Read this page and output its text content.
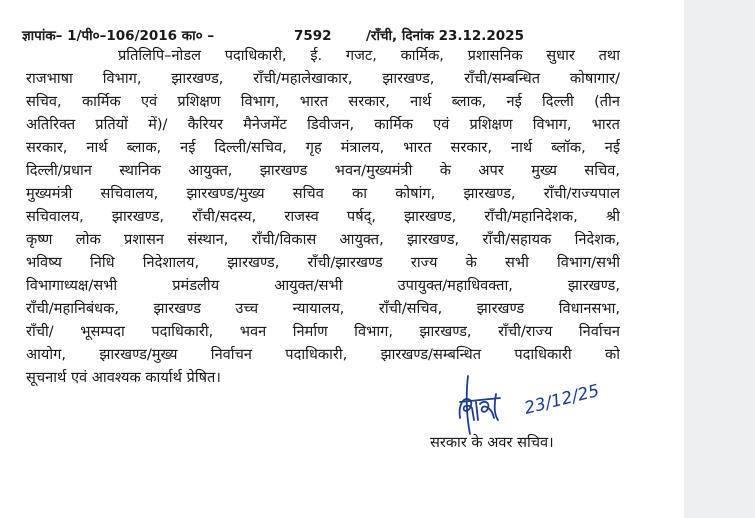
ज्ञापांक– 1/पी०–106/2016 का० –	7592	/राँची, दिनांक 23.12.2025
प्रतिलिपि–नोडल पदाधिकारी, ई. गजट, कार्मिक, प्रशासनिक सुधार तथा
राजभाषा विभाग, झारखण्ड, राँची/महालेखाकार, झारखण्ड, राँची/सम्बन्धित कोषागार/
सचिव, कार्मिक एवं प्रशिक्षण विभाग, भारत सरकार, नार्थ ब्लाक, नई दिल्ली (तीन
अतिरिक्त प्रतियों में)/ कैरियर मैनेजमेंट डिवीजन, कार्मिक एवं प्रशिक्षण विभाग, भारत
सरकार, नार्थ ब्लाक, नई दिल्ली/सचिव, गृह मंत्रालय, भारत सरकार, नार्थ ब्लॉक, नई
दिल्ली/प्रधान स्थानिक आयुक्त, झारखण्ड भवन/मुख्यमंत्री के अपर मुख्य सचिव,
मुख्यमंत्री सचिवालय, झारखण्ड/मुख्य सचिव का कोषांग, झारखण्ड, राँची/राज्यपाल
सचिवालय, झारखण्ड, राँची/सदस्य, राजस्व पर्षद्, झारखण्ड, राँची/महानिदेशक, श्री
कृष्ण लोक प्रशासन संस्थान, राँची/विकास आयुक्त, झारखण्ड, राँची/सहायक निदेशक,
भविष्य निधि निदेशालय, झारखण्ड, राँची/झारखण्ड राज्य के सभी विभाग/सभी
विभागाध्यक्ष/सभी प्रमंडलीय आयुक्त/सभी उपायुक्त/महाधिवक्ता, झारखण्ड,
राँची/महानिबंधक, झारखण्ड उच्च न्यायालय, राँची/सचिव, झारखण्ड विधानसभा,
राँची/ भूसम्पदा पदाधिकारी, भवन निर्माण विभाग, झारखण्ड, राँची/राज्य निर्वाचन
आयोग, झारखण्ड/मुख्य निर्वाचन पदाधिकारी, झारखण्ड/सम्बन्धित पदाधिकारी को
सूचनार्थ एवं आवश्यक कार्यार्थ प्रेषित।
23/12/25
सरकार के अवर सचिव।
